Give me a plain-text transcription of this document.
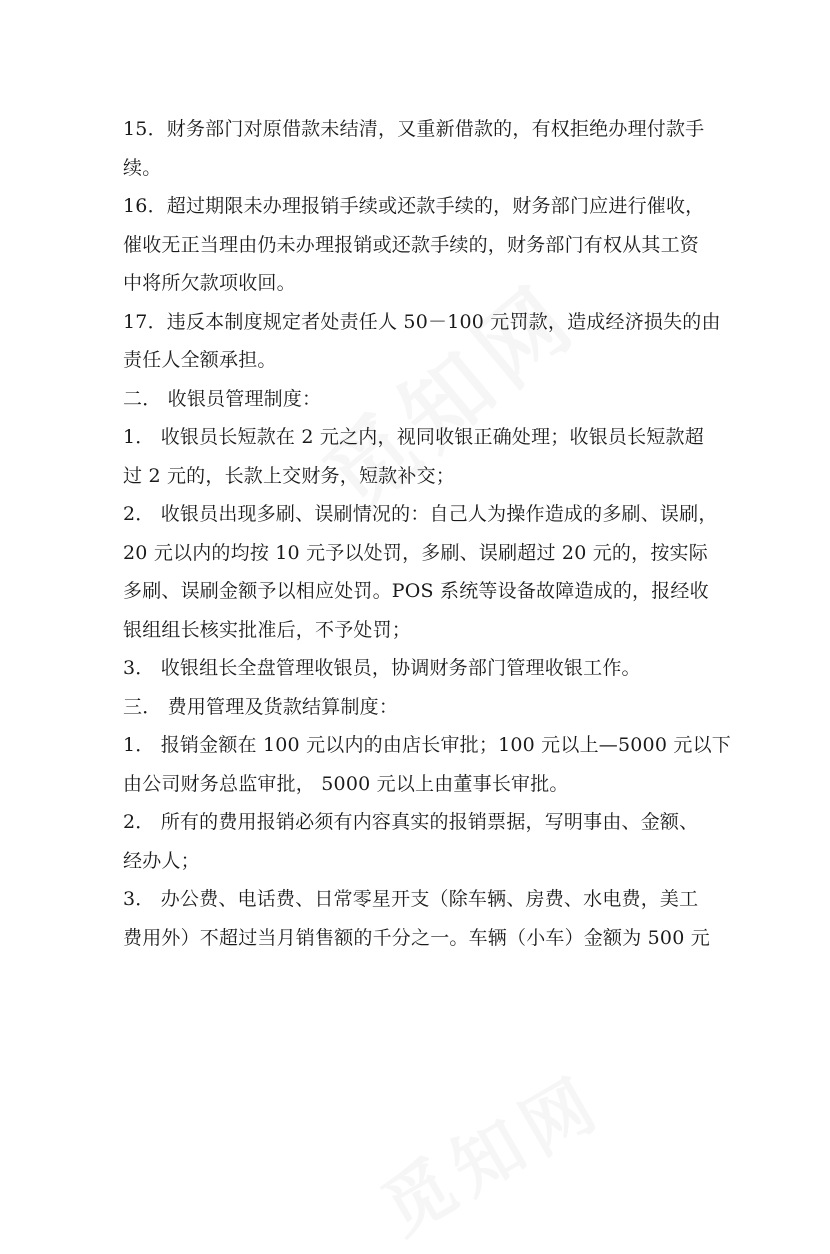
15．财务部门对原借款未结清，又重新借款的，有权拒绝办理付款手
续。
16．超过期限未办理报销手续或还款手续的，财务部门应进行催收，
催收无正当理由仍未办理报销或还款手续的，财务部门有权从其工资
中将所欠款项收回。
17．违反本制度规定者处责任人 50－100 元罚款，造成经济损失的由
责任人全额承担。
二． 收银员管理制度：
1． 收银员长短款在 2 元之内，视同收银正确处理；收银员长短款超
过 2 元的，长款上交财务，短款补交；
2． 收银员出现多刷、误刷情况的：自己人为操作造成的多刷、误刷，
20 元以内的均按 10 元予以处罚，多刷、误刷超过 20 元的，按实际
多刷、误刷金额予以相应处罚。POS 系统等设备故障造成的，报经收
银组组长核实批准后，不予处罚；
3． 收银组长全盘管理收银员，协调财务部门管理收银工作。
三． 费用管理及货款结算制度：
1． 报销金额在 100 元以内的由店长审批；100 元以上—5000 元以下
由公司财务总监审批， 5000 元以上由董事长审批。
2． 所有的费用报销必须有内容真实的报销票据，写明事由、金额、
经办人；
3． 办公费、电话费、日常零星开支（除车辆、房费、水电费，美工
费用外）不超过当月销售额的千分之一。车辆（小车）金额为 500 元
